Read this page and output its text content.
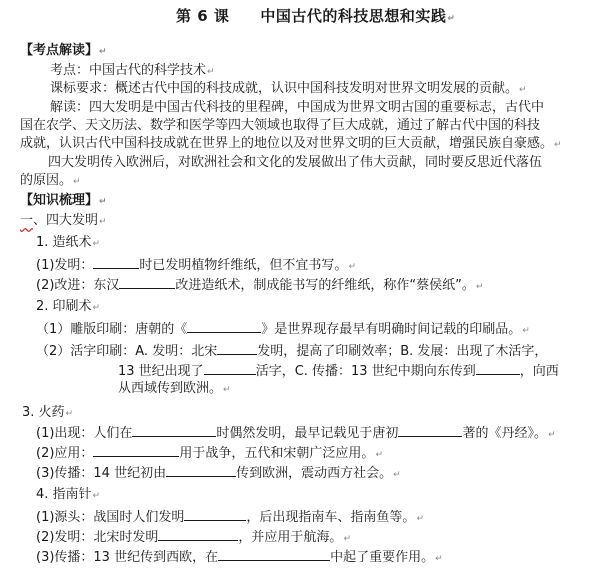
第 6 课　　中国古代的科技思想和实践↵
【考点解读】↵
考点：中国古代的科学技术↵
课标要求：概述古代中国的科技成就，认识中国科技发明对世界文明发展的贡献。↵
解读：四大发明是中国古代科技的里程碑，中国成为世界文明古国的重要标志，古代中
国在农学、天文历法、数学和医学等四大领域也取得了巨大成就，通过了解古代中国的科技
成就，认识古代中国科技成就在世界上的地位以及对世界文明的巨大贡献，增强民族自豪感。↵
四大发明传入欧洲后，对欧洲社会和文化的发展做出了伟大贡献，同时要反思近代落伍
的原因。↵
【知识梳理】↵
一、四大发明↵
1. 造纸术↵
(1)发明：	时已发明植物纤维纸，但不宜书写。↵
(2)改进：东汉	改进造纸术，制成能书写的纤维纸，称作“蔡侯纸”。↵
2. 印刷术↵
（1）雕版印刷：唐朝的《	》是世界现存最早有明确时间记载的印刷品。↵
（2）活字印刷：A. 发明：北宋	发明，提高了印刷效率；B. 发展：出现了木活字，
13 世纪出现了	活字，C. 传播：13 世纪中期向东传到	，向西
从西域传到欧洲。↵
3. 火药↵
(1)出现：人们在	时偶然发明，最早记载见于唐初	著的《丹经》。↵
(2)应用：	用于战争，五代和宋朝广泛应用。↵
(3)传播：14 世纪初由	传到欧洲，震动西方社会。↵
4. 指南针↵
(1)源头：战国时人们发明	，后出现指南车、指南鱼等。↵
(2)发明：北宋时发明	，并应用于航海。↵
(3)传播：13 世纪传到西欧，在	中起了重要作用。↵
